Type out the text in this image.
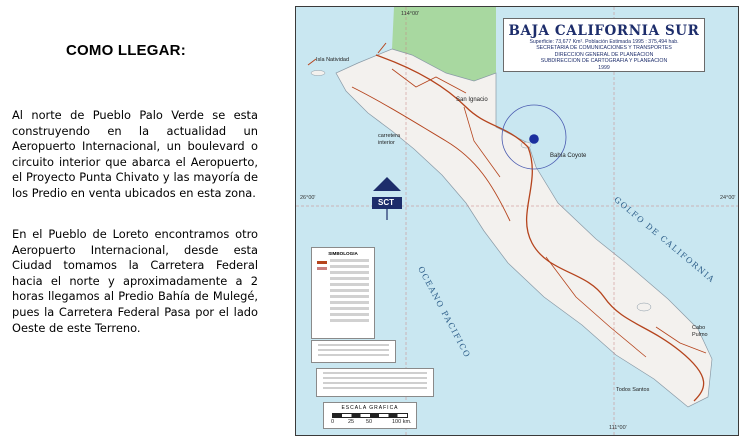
COMO LLEGAR:

Al norte de Pueblo Palo Verde se esta construyendo en la actualidad un Aeropuerto Internacional, un boulevard o circuito interior que abarca el Aeropuerto, el Proyecto Punta Chivato y las mayoría de los Predio en venta ubicados en esta zona.

En el Pueblo de Loreto encontramos otro Aeropuerto Internacional, desde esta Ciudad tomamos la Carretera Federal hacia el norte y aproximadamente a 2 horas llegamos al Predio Bahía de Mulegé, pues la Carretera Federal Pasa por el lado Oeste de este Terreno.

BAJA CALIFORNIA SUR
Superficie: 73,677 Km². Población Estimada 1995 : 375,494 hab.
SECRETARIA DE COMUNICACIONES Y TRANSPORTES
DIRECCION GENERAL DE PLANEACION
SUBDIRECCION DE CARTOGRAFIA Y PLANEACION
1999
114°00'
111°00'
26°00'	24°00'
Isla Natividad
San Ignacio
carretera interior
Bahía Coyote
Cabo Pulmo
Todos Santos
GOLFO DE CALIFORNIA
OCEANO PACIFICO
SCT
SIMBOLOGIA
ESCALA GRAFICA
0	25 50	100 km.
